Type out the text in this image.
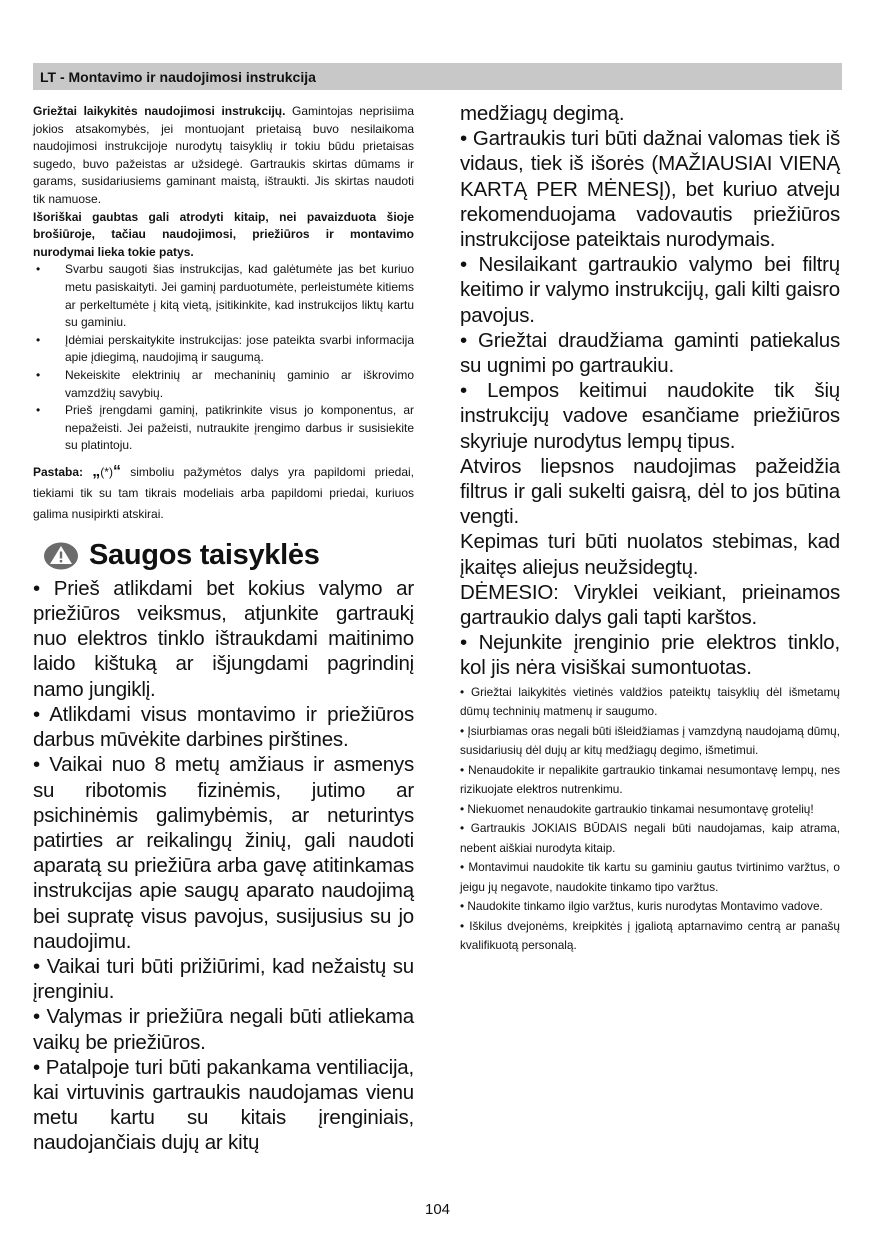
LT - Montavimo ir naudojimosi instrukcija

Griežtai laikykitės naudojimosi instrukcijų. Gamintojas neprisiima jokios atsakomybės, jei montuojant prietaisą buvo nesilaikoma naudojimosi instrukcijoje nurodytų taisyklių ir tokiu būdu prietaisas sugedo, buvo pažeistas ar užsidegė. Gartraukis skirtas dūmams ir garams, susidariusiems gaminant maistą, ištraukti. Jis skirtas naudoti tik namuose.

Išoriškai gaubtas gali atrodyti kitaip, nei pavaizduota šioje brošiūroje, tačiau naudojimosi, priežiūros ir montavimo nurodymai lieka tokie patys.

• Svarbu saugoti šias instrukcijas, kad galėtumėte jas bet kuriuo metu pasiskaityti. Jei gaminį parduotumėte, perleistumėte kitiems ar perkeltumėte į kitą vietą, įsitikinkite, kad instrukcijos liktų kartu su gaminiu.
• Įdėmiai perskaitykite instrukcijas: jose pateikta svarbi informacija apie įdiegimą, naudojimą ir saugumą.
• Nekeiskite elektrinių ar mechaninių gaminio ar iškrovimo vamzdžių savybių.
• Prieš įrengdami gaminį, patikrinkite visus jo komponentus, ar nepažeisti. Jei pažeisti, nutraukite įrengimo darbus ir susisiekite su platintoju.
Pastaba: „(*)“ simboliu pažymėtos dalys yra papildomi priedai, tiekiami tik su tam tikrais modeliais arba papildomi priedai, kuriuos galima nusipirkti atskirai.
Saugos taisyklės

• Prieš atlikdami bet kokius valymo ar priežiūros veiksmus, atjunkite gartraukį nuo elektros tinklo ištraukdami maitinimo laido kištuką ar išjungdami pagrindinį namo jungiklį.

• Atlikdami visus montavimo ir priežiūros darbus mūvėkite darbines pirštines.

• Vaikai nuo 8 metų amžiaus ir asmenys su ribotomis fizinėmis, jutimo ar psichinėmis galimybėmis, ar neturintys patirties ar reikalingų žinių, gali naudoti aparatą su priežiūra arba gavę atitinkamas instrukcijas apie saugų aparato naudojimą bei supratę visus pavojus, susijusius su jo naudojimu.

• Vaikai turi būti prižiūrimi, kad nežaistų su įrenginiu.

• Valymas ir priežiūra negali būti atliekama vaikų be priežiūros.

• Patalpoje turi būti pakankama ventiliacija, kai virtuvinis gartraukis naudojamas vienu metu kartu su kitais įrenginiais, naudojančiais dujų ar kitų

medžiagų degimą.

• Gartraukis turi būti dažnai valomas tiek iš vidaus, tiek iš išorės (MAŽIAUSIAI VIENĄ KARTĄ PER MĖNESĮ), bet kuriuo atveju rekomenduojama vadovautis priežiūros instrukcijose pateiktais nurodymais.

• Nesilaikant gartraukio valymo bei filtrų keitimo ir valymo instrukcijų, gali kilti gaisro pavojus.

• Griežtai draudžiama gaminti patiekalus su ugnimi po gartraukiu.

• Lempos keitimui naudokite tik šių instrukcijų vadove esančiame priežiūros skyriuje nurodytus lempų tipus.

Atviros liepsnos naudojimas pažeidžia filtrus ir gali sukelti gaisrą, dėl to jos būtina vengti.

Kepimas turi būti nuolatos stebimas, kad įkaitęs aliejus neužsidegtų.

DĖMESIO: Viryklei veikiant, prieinamos gartraukio dalys gali tapti karštos.

• Nejunkite įrenginio prie elektros tinklo, kol jis nėra visiškai sumontuotas.

• Griežtai laikykitės vietinės valdžios pateiktų taisyklių dėl išmetamų dūmų techninių matmenų ir saugumo.

• Įsiurbiamas oras negali būti išleidžiamas į vamzdyną naudojamą dūmų, susidariusių dėl dujų ar kitų medžiagų degimo, išmetimui.

• Nenaudokite ir nepalikite gartraukio tinkamai nesumontavę lempų, nes rizikuojate elektros nutrenkimu.

• Niekuomet nenaudokite gartraukio tinkamai nesumontavę grotelių!

• Gartraukis JOKIAIS BŪDAIS negali būti naudojamas, kaip atrama, nebent aiškiai nurodyta kitaip.

• Montavimui naudokite tik kartu su gaminiu gautus tvirtinimo varžtus, o jeigu jų negavote, naudokite tinkamo tipo varžtus.

• Naudokite tinkamo ilgio varžtus, kuris nurodytas Montavimo vadove.

• Iškilus dvejonėms, kreipkitės į įgaliotą aptarnavimo centrą ar panašų kvalifikuotą personalą.

104
